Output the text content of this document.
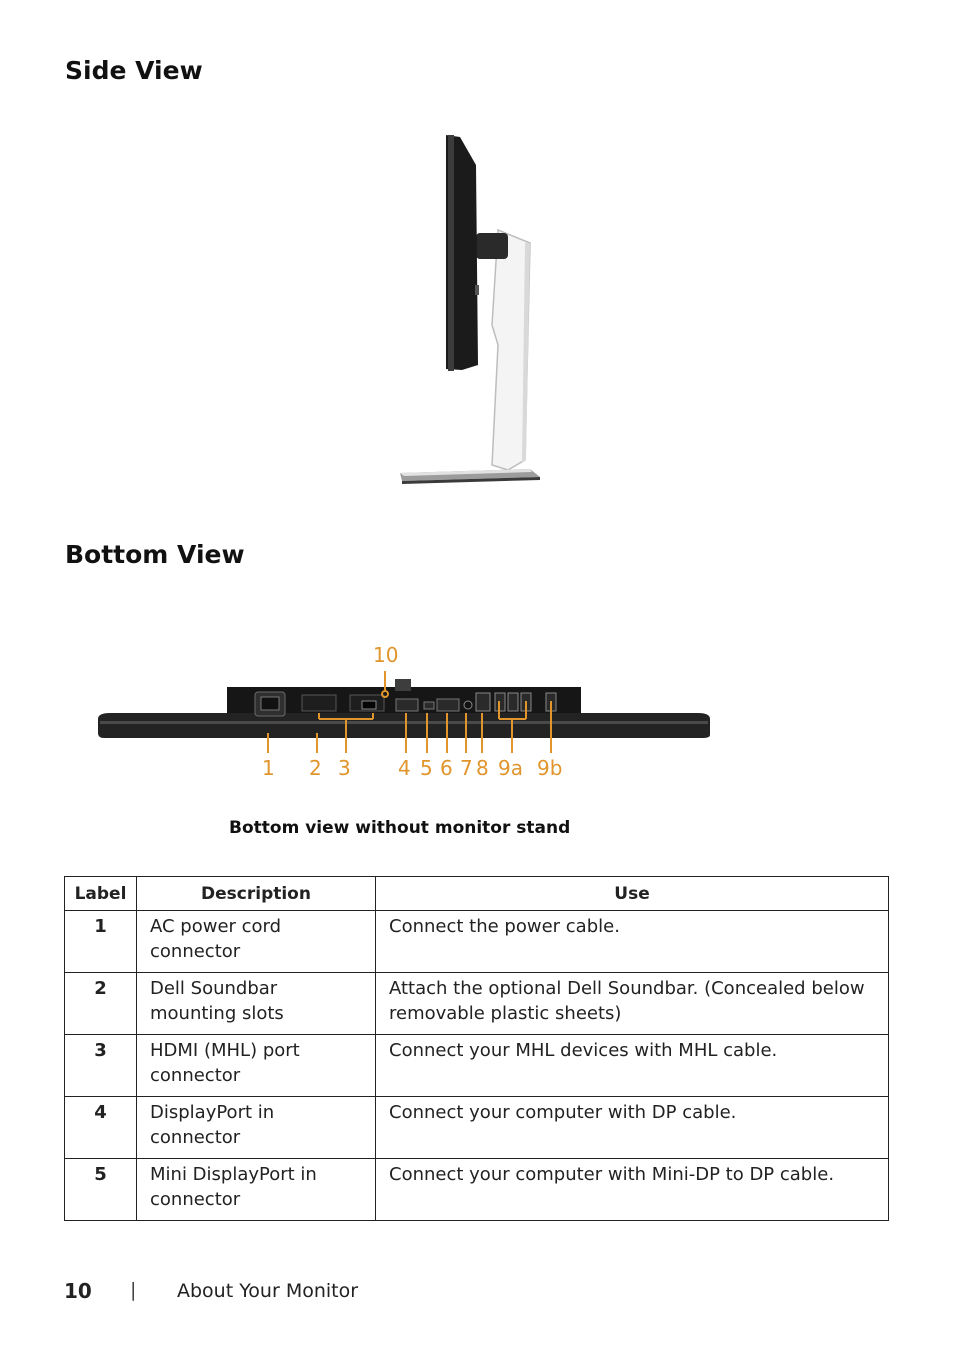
Side View
Bottom View
10
1 2 3 4 5 6 7 8 9a 9b
Bottom view without monitor stand
Label	Description	Use
1	AC power cord connector	Connect the power cable.
2	Dell Soundbar mounting slots	Attach the optional Dell Soundbar. (Concealed below removable plastic sheets)
3	HDMI (MHL) port connector	Connect your MHL devices with MHL cable.
4	DisplayPort in connector	Connect your computer with DP cable.
5	Mini DisplayPort in connector	Connect your computer with Mini-DP to DP cable.
10 | About Your Monitor
